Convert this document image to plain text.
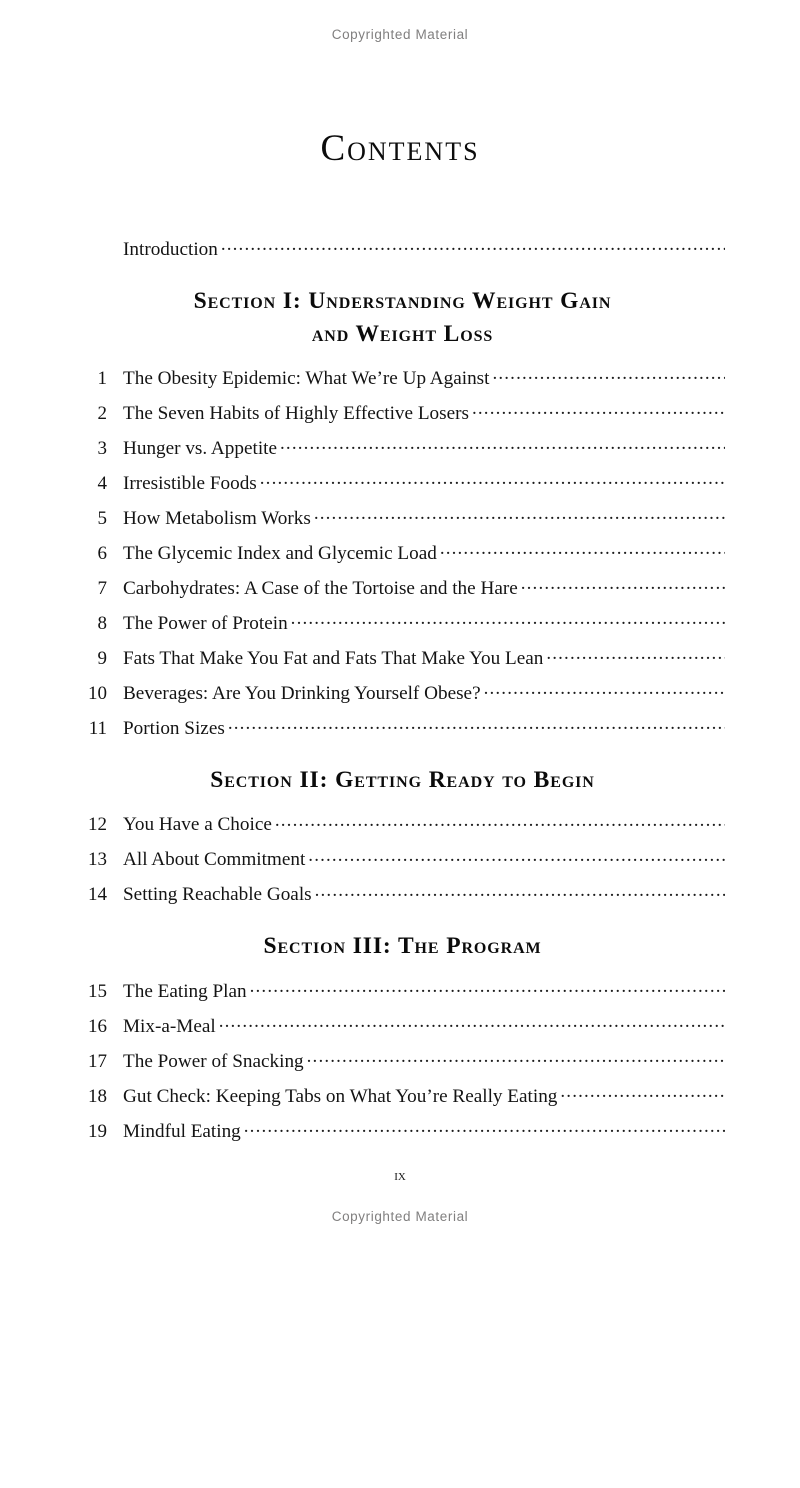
Copyrighted Material
Contents
Introduction
.....
Section I: Understanding Weight Gain
and Weight Loss
1 The Obesity Epidemic: What We’re Up Against
.....
2 The Seven Habits of Highly Effective Losers
.....
3 Hunger vs. Appetite
.....
4 Irresistible Foods
.....
5 How Metabolism Works
.....
6 The Glycemic Index and Glycemic Load
.....
7 Carbohydrates: A Case of the Tortoise and the Hare
.....
8 The Power of Protein
.....
9 Fats That Make You Fat and Fats That Make You Lean
.....
10 Beverages: Are You Drinking Yourself Obese?
.....
11 Portion Sizes
.....
Section II: Getting Ready to Begin
12 You Have a Choice
.....
13 All About Commitment
.....
14 Setting Reachable Goals
.....
Section III: The Program
15 The Eating Plan
.....
16 Mix-a-Meal
.....
17 The Power of Snacking
.....
18 Gut Check: Keeping Tabs on What You’re Really Eating
.....
19 Mindful Eating
.....
ix
Copyrighted Material
